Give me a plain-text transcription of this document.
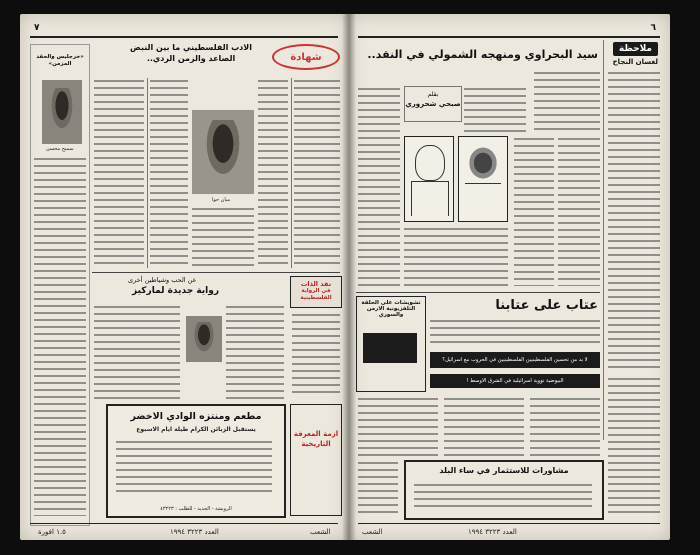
٧
شهادة
الادب الفلسطيني ما بين النبض الصاعد والزمن الردي..
سميح محسن
«خرجليس والحقد المزمن»
مبان حوا
عن الحب وشياطين أخرى
رواية جديدة لماركيز
نقد الذات
في الرواية الفلسطينية
مطعم ومنتزه الوادي الاخضر
يستقبل الزبائن الكرام طيلة ايام الاسبوع
الرويشة - الجديد - للطلب : ٤٣٢٢٣
ازمة المعرفة التاريخية
العدد ٣٢٢٣ ١٩٩٤
١.٥ افورة	الشعب
٦
ملاحظة
لغسان النجاح
سيد البحراوي ومنهجه الشمولي في النقد..
بقلم
صبحي شحروري
عتاب على عتابنا
تشويشات على الحلقة
التلفزيونية الارمن
والسوري
لا بد من تحسين الفلسطينيين الفلسطينيين في الحروب مع اسرائيل؟
البيوضية نووية اسرائيلية في الشرق الاوسط !
مشاورات للاستثمار في ساء البلد
العدد ٣٢٢٣ ١٩٩٤
الشعب
